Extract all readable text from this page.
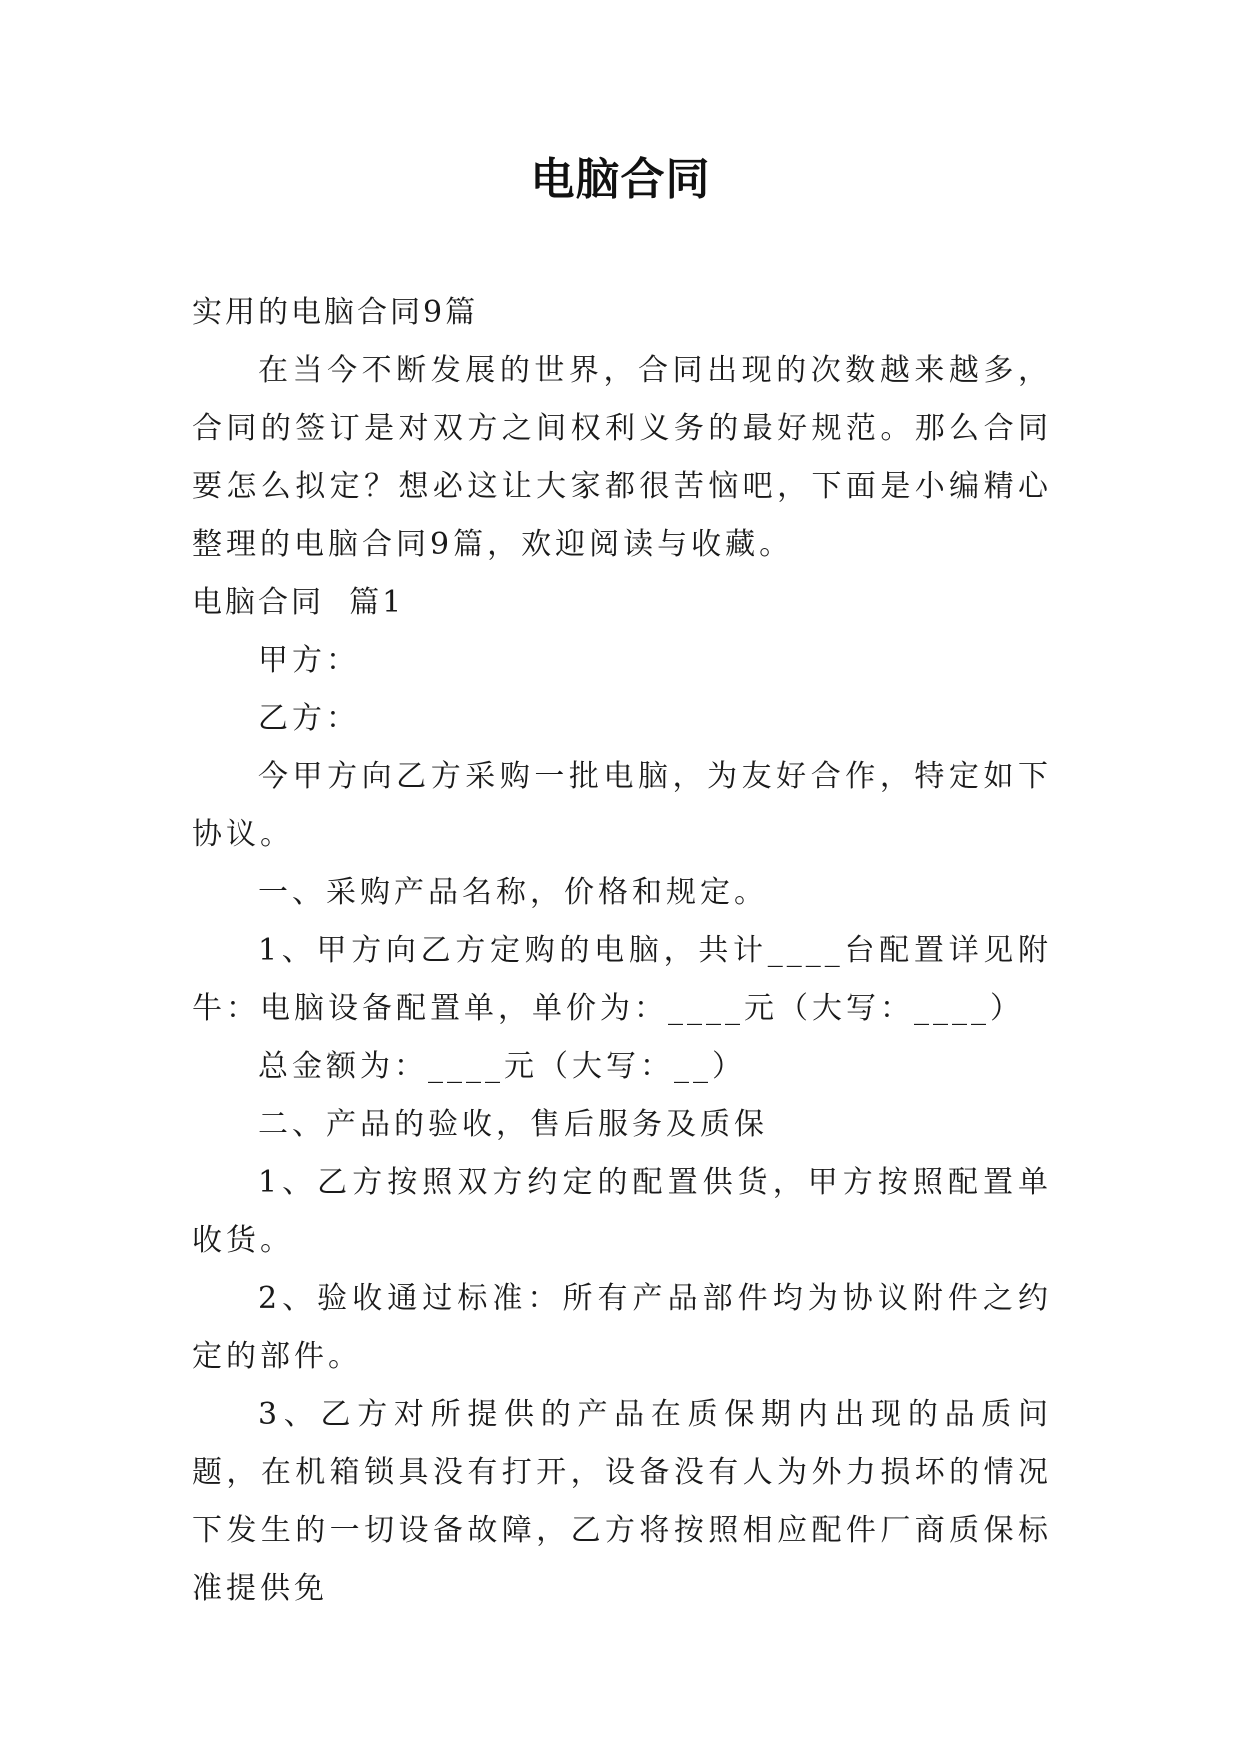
电脑合同

实用的电脑合同9篇

在当今不断发展的世界，合同出现的次数越来越多，合同的签订是对双方之间权利义务的最好规范。那么合同要怎么拟定？想必这让大家都很苦恼吧，下面是小编精心整理的电脑合同9篇，欢迎阅读与收藏。

电脑合同  篇1

甲方：

乙方：

今甲方向乙方采购一批电脑，为友好合作，特定如下协议。

一、采购产品名称，价格和规定。

1、甲方向乙方定购的电脑，共计____台配置详见附牛：电脑设备配置单，单价为：____元（大写：____）

总金额为：____元（大写：__）

二、产品的验收，售后服务及质保

1、乙方按照双方约定的配置供货，甲方按照配置单收货。

2、验收通过标准：所有产品部件均为协议附件之约定的部件。

3、乙方对所提供的产品在质保期内出现的品质问题，在机箱锁具没有打开，设备没有人为外力损坏的情况下发生的一切设备故障，乙方将按照相应配件厂商质保标准提供免
